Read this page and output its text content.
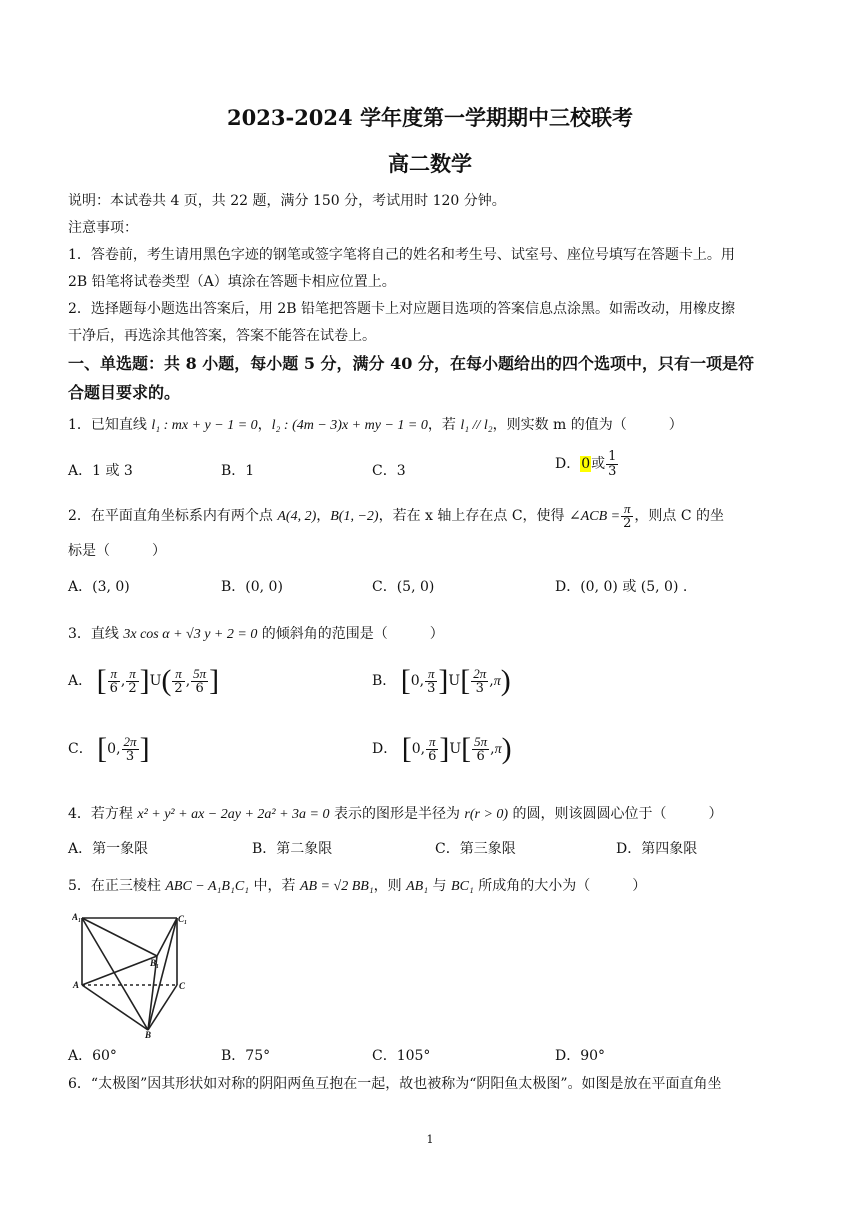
2023-2024 学年度第一学期期中三校联考
高二数学
说明：本试卷共 4 页，共 22 题，满分 150 分，考试用时 120 分钟。
注意事项：
1．答卷前，考生请用黑色字迹的钢笔或签字笔将自己的姓名和考生号、试室号、座位号填写在答题卡上。用
2B 铅笔将试卷类型（A）填涂在答题卡相应位置上。
2．选择题每小题选出答案后，用 2B 铅笔把答题卡上对应题目选项的答案信息点涂黑。如需改动，用橡皮擦
干净后，再选涂其他答案，答案不能答在试卷上。
一、单选题：共 8 小题，每小题 5 分，满分 40 分，在每小题给出的四个选项中，只有一项是符
合题目要求的。
1．已知直线 l₁ : mx + y − 1 = 0，l₂ : (4m − 3)x + my − 1 = 0，若 l₁ // l₂，则实数 m 的值为（　　　）
A．1 或 3	B．1	C．3	D．0或 $\frac{1}{3}$
2．在平面直角坐标系内有两个点 A(4, 2)，B(1, −2)，若在 x 轴上存在点 C，使得 ∠ACB = $\frac{\pi}{2}$ ，则点 C 的坐
标是（　　　）
A．(3, 0)	B．(0, 0)	C．(5, 0)	D．(0, 0) 或 (5, 0) .
3．直线 3x cos α + √3 y + 2 = 0 的倾斜角的范围是（　　　）
A． [ $\frac{\pi}{6}$ , $\frac{\pi}{2} ]U( \frac{\pi}{2}$ , $\frac{5\pi}{6}$ ]	B． [0, $\frac{\pi}{3} ]U[ \frac{2\pi}{3} ,\pi)$
C． [0, $\frac{2\pi}{3}$ ]	D． [0, $\frac{\pi}{6} ]U[ \frac{5\pi}{6} ,\pi)$
4．若方程 x² + y² + ax − 2ay + 2a² + 3a = 0 表示的图形是半径为 r(r > 0) 的圆，则该圆圆心位于（　　　）
A．第一象限	B．第二象限	C．第三象限	D．第四象限
5．在正三棱柱 ABC − A₁B₁C₁ 中，若 AB = √2 BB₁，则 AB₁ 与 BC₁ 所成角的大小为（　　　）
A₁	C₁
B₁
A	C
B
A．60°	B．75°	C．105°	D．90°
6．“太极图”因其形状如对称的阴阳两鱼互抱在一起，故也被称为“阴阳鱼太极图”。如图是放在平面直角坐
1
